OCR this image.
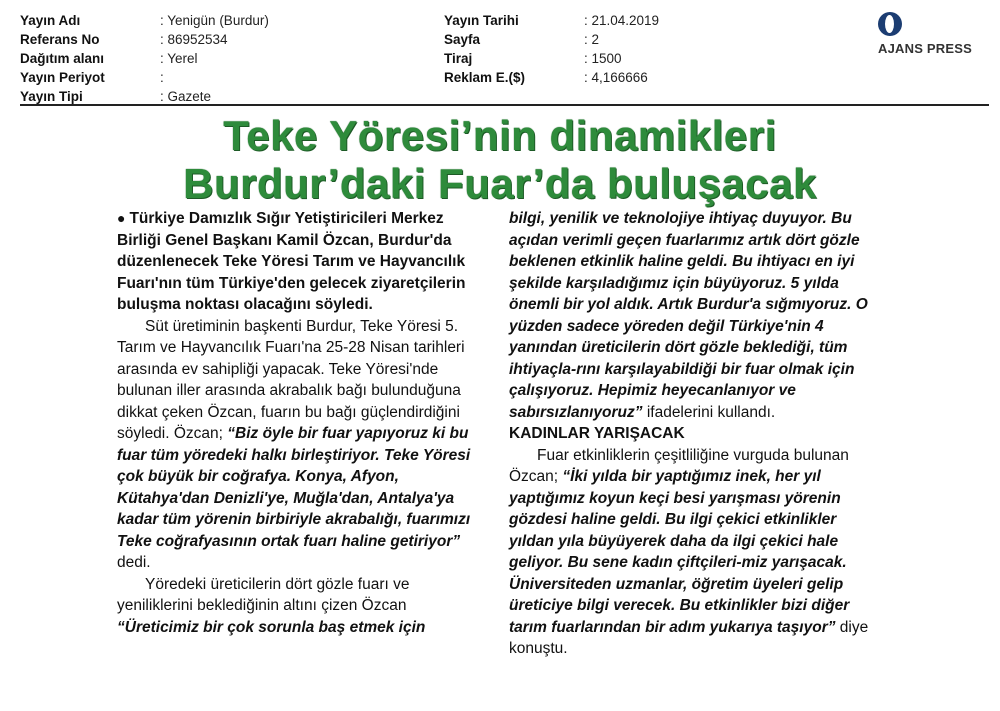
Yayın Adı	: Yenigün (Burdur)
Referans No	: 86952534
Dağıtım alanı	: Yerel
Yayın Periyot	:
Yayın Tipi	: Gazete
Yayın Tarihi	: 21.04.2019
Sayfa	: 2
Tiraj	: 1500
Reklam E.($)	: 4,166666
AJANS PRESS
Teke Yöresi’nin dinamikleri
Burdur’daki Fuar’da buluşacak

● Türkiye Damızlık Sığır Yetiştiricileri Merkez Birliği Genel Başkanı Kamil Özcan, Burdur'da düzenlenecek Teke Yöresi Tarım ve Hayvancılık Fuarı'nın tüm Türkiye'den gelecek ziyaretçilerin buluşma noktası olacağını söyledi.

Süt üretiminin başkenti Burdur, Teke Yöresi 5. Tarım ve Hayvancılık Fuarı'na 25-28 Nisan tarihleri arasında ev sahipliği yapacak. Teke Yöresi'nde bulunan iller arasında akrabalık bağı bulunduğuna dikkat çeken Özcan, fuarın bu bağı güçlendirdiğini söyledi. Özcan; “Biz öyle bir fuar yapıyoruz ki bu fuar tüm yöredeki halkı birleştiriyor. Teke Yöresi çok büyük bir coğrafya. Konya, Afyon, Kütahya'dan Denizli'ye, Muğla'dan, Antalya'ya kadar tüm yörenin birbiriyle akrabalığı, fuarımızı Teke coğrafyasının ortak fuarı haline getiriyor” dedi.

Yöredeki üreticilerin dört gözle fuarı ve yeniliklerini beklediğinin altını çizen Özcan “Üreticimiz bir çok sorunla baş etmek için

bilgi, yenilik ve teknolojiye ihtiyaç duyuyor. Bu açıdan verimli geçen fuarlarımız artık dört gözle beklenen etkinlik haline geldi. Bu ihtiyacı en iyi şekilde karşıladığımız için büyüyoruz. 5 yılda önemli bir yol aldık. Artık Burdur'a sığmıyoruz. O yüzden sadece yöreden değil Türkiye'nin 4 yanından üreticilerin dört gözle beklediği, tüm ihtiyaçla-rını karşılayabildiği bir fuar olmak için çalışıyoruz. Hepimiz heyecanlanıyor ve sabırsızlanıyoruz” ifadelerini kullandı.

KADINLAR YARIŞACAK

Fuar etkinliklerin çeşitliliğine vurguda bulunan Özcan; “İki yılda bir yaptığımız inek, her yıl yaptığımız koyun keçi besi yarışması yörenin gözdesi haline geldi. Bu ilgi çekici etkinlikler yıldan yıla büyüyerek daha da ilgi çekici hale geliyor. Bu sene kadın çiftçileri-miz yarışacak. Üniversiteden uzmanlar, öğretim üyeleri gelip üreticiye bilgi verecek. Bu etkinlikler bizi diğer tarım fuarlarından bir adım yukarıya taşıyor” diye konuştu.
